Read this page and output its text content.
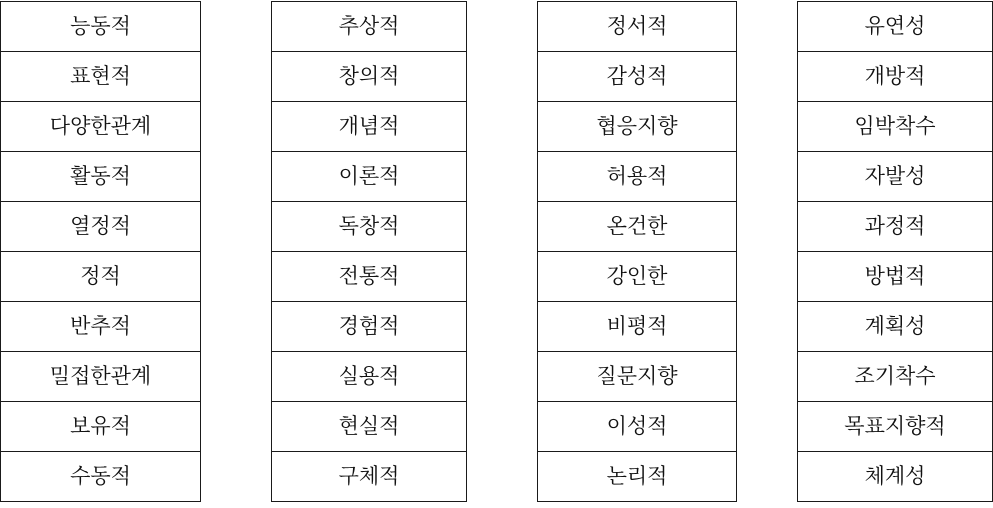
능동적
표현적
다양한관계
활동적
열정적
정적
반추적
밀접한관계
보유적
수동적
추상적
창의적
개념적
이론적
독창적
전통적
경험적
실용적
현실적
구체적
정서적
감성적
협응지향
허용적
온건한
강인한
비평적
질문지향
이성적
논리적
유연성
개방적
임박착수
자발성
과정적
방법적
계획성
조기착수
목표지향적
체계성
